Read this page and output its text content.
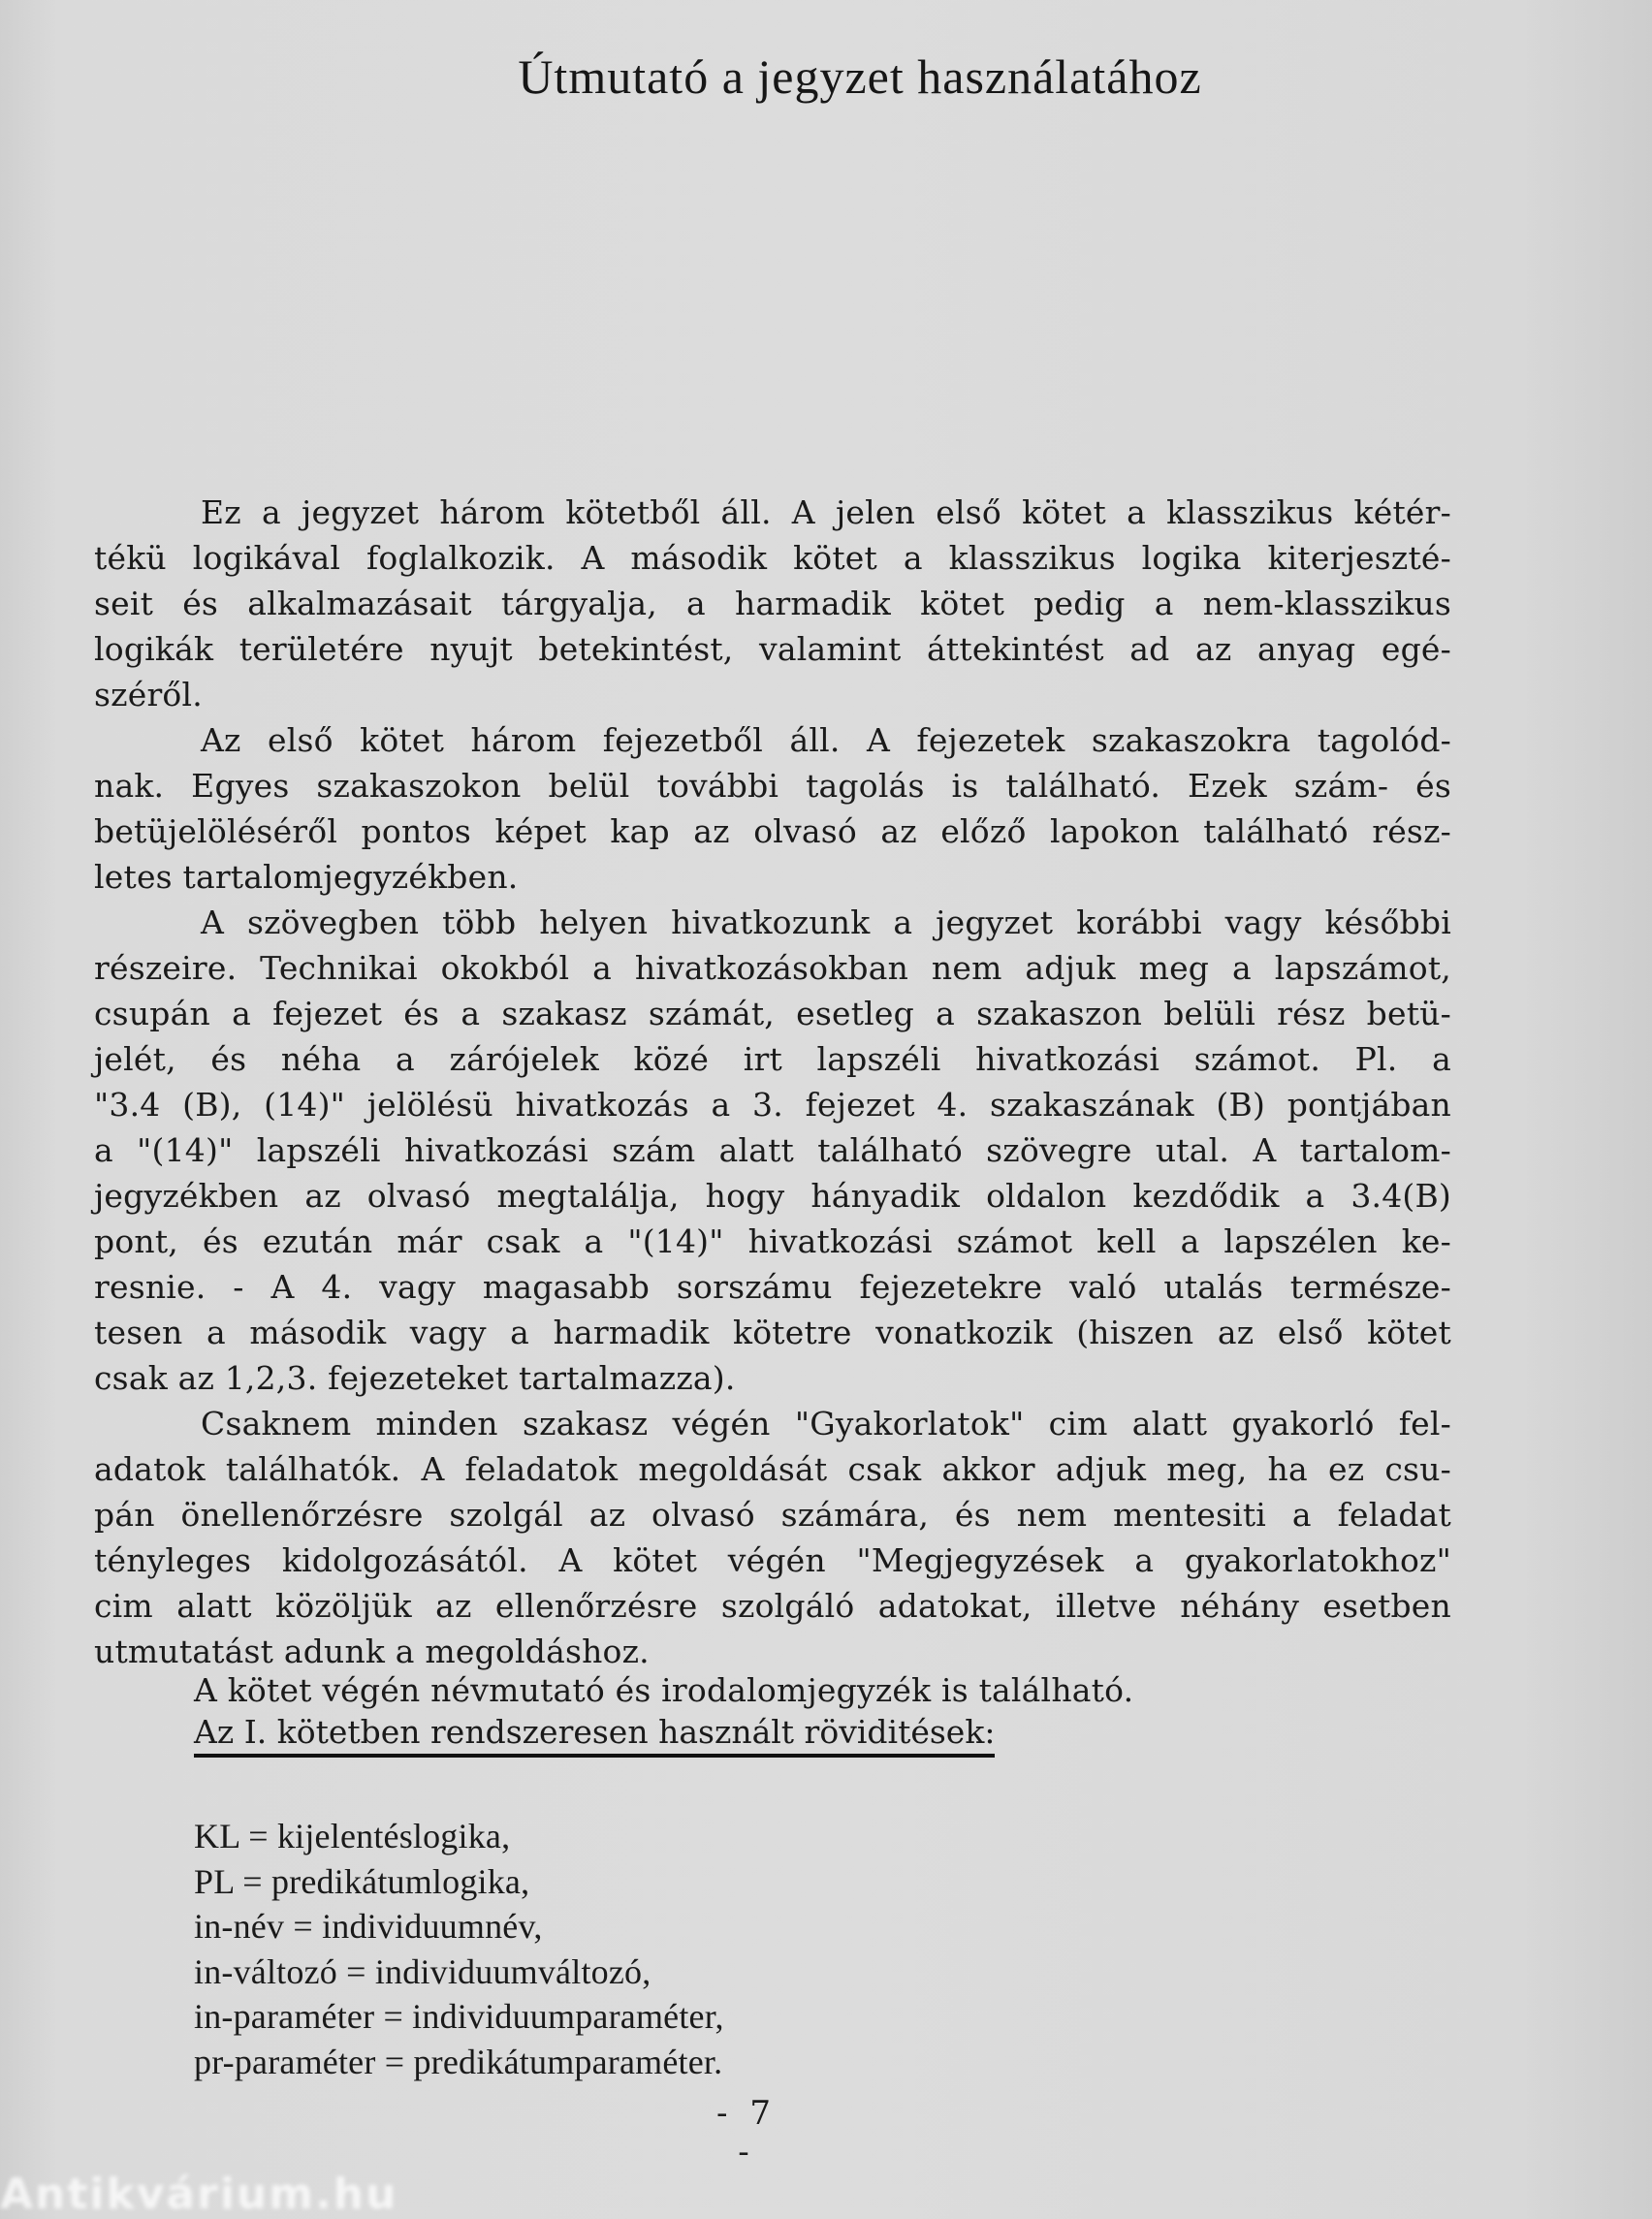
Útmutató a jegyzet használatához
Ez a jegyzet három kötetből áll. A jelen első kötet a klasszikus kétér-
tékü logikával foglalkozik. A második kötet a klasszikus logika kiterjeszté-
seit és alkalmazásait tárgyalja, a harmadik kötet pedig a nem-klasszikus
logikák területére nyujt betekintést, valamint áttekintést ad az anyag egé-
széről.
Az első kötet három fejezetből áll. A fejezetek szakaszokra tagolód-
nak. Egyes szakaszokon belül további tagolás is található. Ezek szám- és
betüjelöléséről pontos képet kap az olvasó az előző lapokon található rész-
letes tartalomjegyzékben.
A szövegben több helyen hivatkozunk a jegyzet korábbi vagy későbbi
részeire. Technikai okokból a hivatkozásokban nem adjuk meg a lapszámot,
csupán a fejezet és a szakasz számát, esetleg a szakaszon belüli rész betü-
jelét, és néha a zárójelek közé irt lapszéli hivatkozási számot. Pl. a
"3.4 (B), (14)" jelölésü hivatkozás a 3. fejezet 4. szakaszának (B) pontjában
a "(14)" lapszéli hivatkozási szám alatt található szövegre utal. A tartalom-
jegyzékben az olvasó megtalálja, hogy hányadik oldalon kezdődik a 3.4(B)
pont, és ezután már csak a "(14)" hivatkozási számot kell a lapszélen ke-
resnie. - A 4. vagy magasabb sorszámu fejezetekre való utalás természe-
tesen a második vagy a harmadik kötetre vonatkozik (hiszen az első kötet
csak az 1,2,3. fejezeteket tartalmazza).
Csaknem minden szakasz végén "Gyakorlatok" cim alatt gyakorló fel-
adatok találhatók. A feladatok megoldását csak akkor adjuk meg, ha ez csu-
pán önellenőrzésre szolgál az olvasó számára, és nem mentesiti a feladat
tényleges kidolgozásától. A kötet végén "Megjegyzések a gyakorlatokhoz"
cim alatt közöljük az ellenőrzésre szolgáló adatokat, illetve néhány esetben
utmutatást adunk a megoldáshoz.
A kötet végén névmutató és irodalomjegyzék is található.
Az I. kötetben rendszeresen használt röviditések:
KL = kijelentéslogika,
PL = predikátumlogika,
in-név = individuumnév,
in-változó = individuumváltozó,
in-paraméter = individuumparaméter,
pr-paraméter = predikátumparaméter.
- 7 -
Antikvárium.hu
